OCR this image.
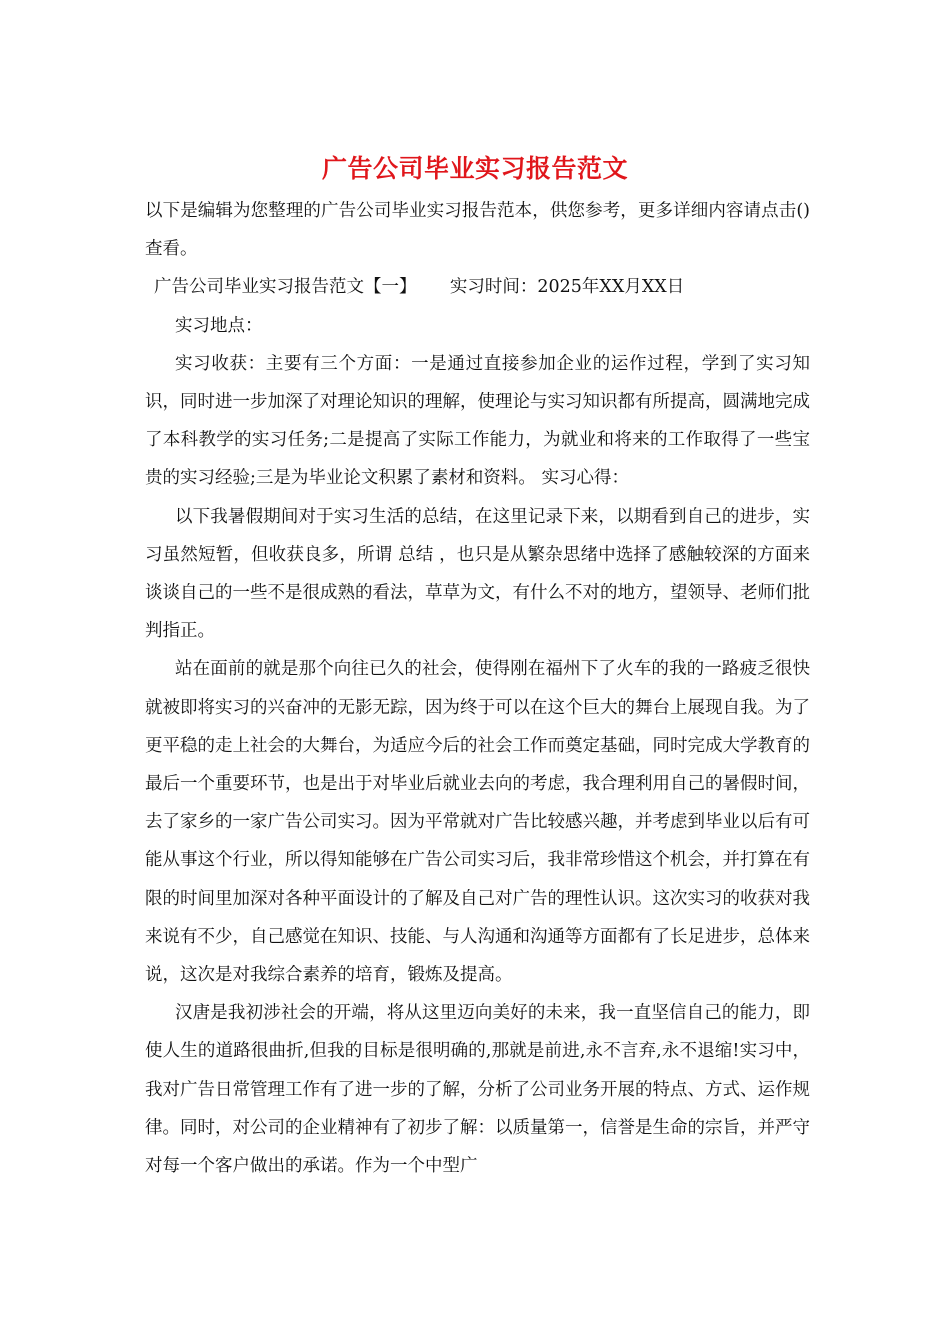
广告公司毕业实习报告范文

以下是编辑为您整理的广告公司毕业实习报告范本，供您参考，更多详细内容请点击()查看。

广告公司毕业实习报告范文【一】 实习时间：2025年XX月XX日

实习地点：

实习收获：主要有三个方面：一是通过直接参加企业的运作过程，学到了实习知识，同时进一步加深了对理论知识的理解，使理论与实习知识都有所提高，圆满地完成了本科教学的实习任务;二是提高了实际工作能力，为就业和将来的工作取得了一些宝贵的实习经验;三是为毕业论文积累了素材和资料。 实习心得：

以下我暑假期间对于实习生活的总结，在这里记录下来，以期看到自己的进步，实习虽然短暂，但收获良多，所谓 总结 ，也只是从繁杂思绪中选择了感触较深的方面来谈谈自己的一些不是很成熟的看法，草草为文，有什么不对的地方，望领导、老师们批判指正。

站在面前的就是那个向往已久的社会，使得刚在福州下了火车的我的一路疲乏很快就被即将实习的兴奋冲的无影无踪，因为终于可以在这个巨大的舞台上展现自我。为了更平稳的走上社会的大舞台，为适应今后的社会工作而奠定基础，同时完成大学教育的最后一个重要环节，也是出于对毕业后就业去向的考虑，我合理利用自己的暑假时间，去了家乡的一家广告公司实习。因为平常就对广告比较感兴趣，并考虑到毕业以后有可能从事这个行业，所以得知能够在广告公司实习后，我非常珍惜这个机会，并打算在有限的时间里加深对各种平面设计的了解及自己对广告的理性认识。这次实习的收获对我来说有不少，自己感觉在知识、技能、与人沟通和沟通等方面都有了长足进步，总体来说，这次是对我综合素养的培育，锻炼及提高。

汉唐是我初涉社会的开端，将从这里迈向美好的未来，我一直坚信自己的能力，即使人生的道路很曲折,但我的目标是很明确的,那就是前进,永不言弃,永不退缩!实习中，我对广告日常管理工作有了进一步的了解，分析了公司业务开展的特点、方式、运作规律。同时，对公司的企业精神有了初步了解：以质量第一，信誉是生命的宗旨，并严守对每一个客户做出的承诺。作为一个中型广
